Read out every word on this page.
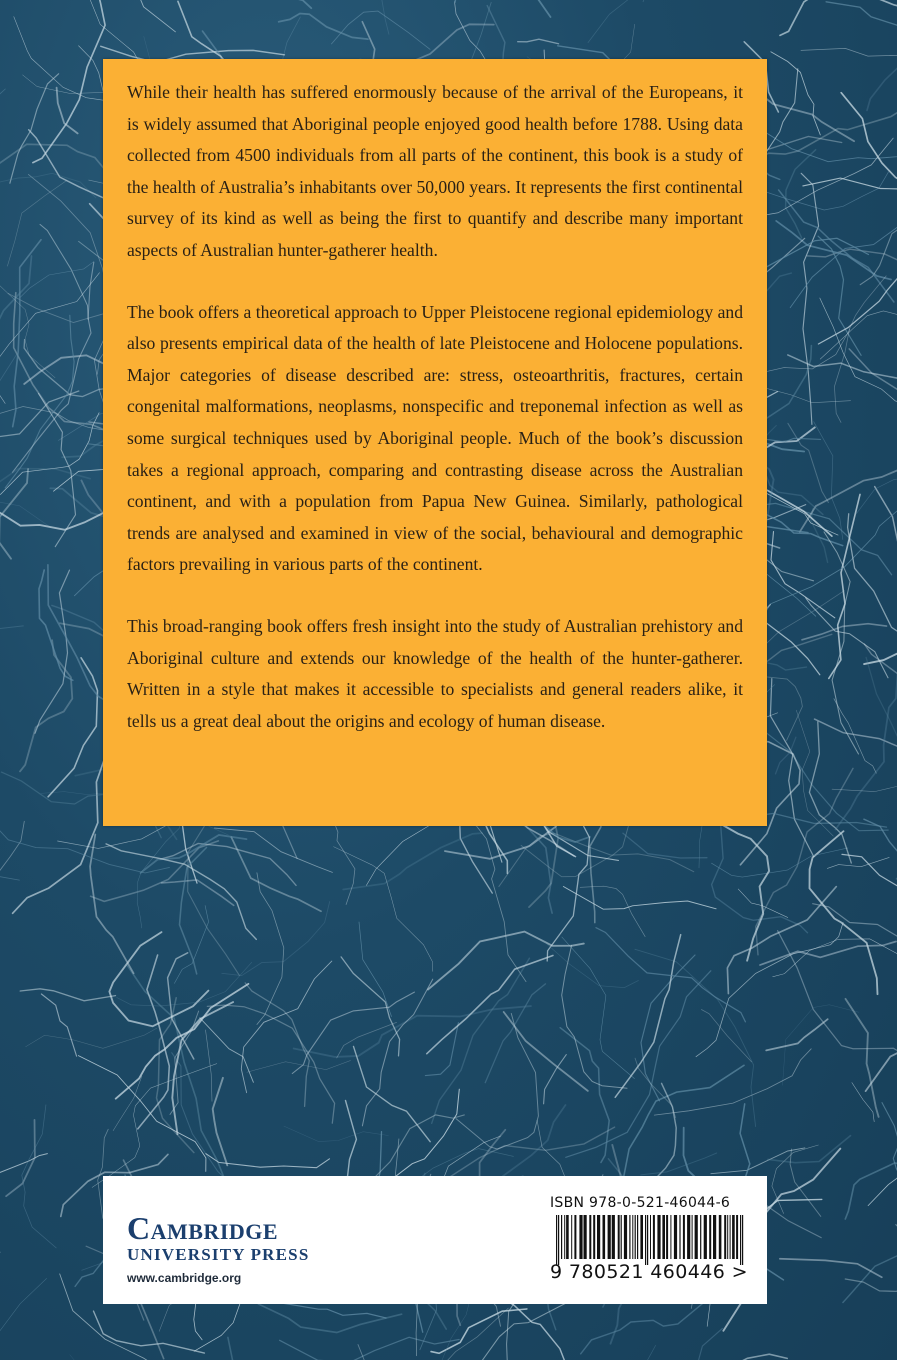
While their health has suffered enormously because of the arrival of the Europeans, it is widely assumed that Aboriginal people enjoyed good health before 1788. Using data collected from 4500 individuals from all parts of the continent, this book is a study of the health of Australia’s inhabitants over 50,000 years. It represents the first continental survey of its kind as well as being the first to quantify and describe many important aspects of Australian hunter-gatherer health.

The book offers a theoretical approach to Upper Pleistocene regional epidemiology and also presents empirical data of the health of late Pleistocene and Holocene populations. Major categories of disease described are: stress, osteoarthritis, fractures, certain congenital malformations, neoplasms, nonspecific and treponemal infection as well as some surgical techniques used by Aboriginal people. Much of the book’s discussion takes a regional approach, comparing and contrasting disease across the Australian continent, and with a population from Papua New Guinea. Similarly, pathological trends are analysed and examined in view of the social, behavioural and demographic factors prevailing in various parts of the continent.

This broad-ranging book offers fresh insight into the study of Australian prehistory and Aboriginal culture and extends our knowledge of the health of the hunter-gatherer. Written in a style that makes it accessible to specialists and general readers alike, it tells us a great deal about the origins and ecology of human disease.

Cambridge
UNIVERSITY PRESS
www.cambridge.org
ISBN 978-0-521-46044-6
9 780521 460446 >
